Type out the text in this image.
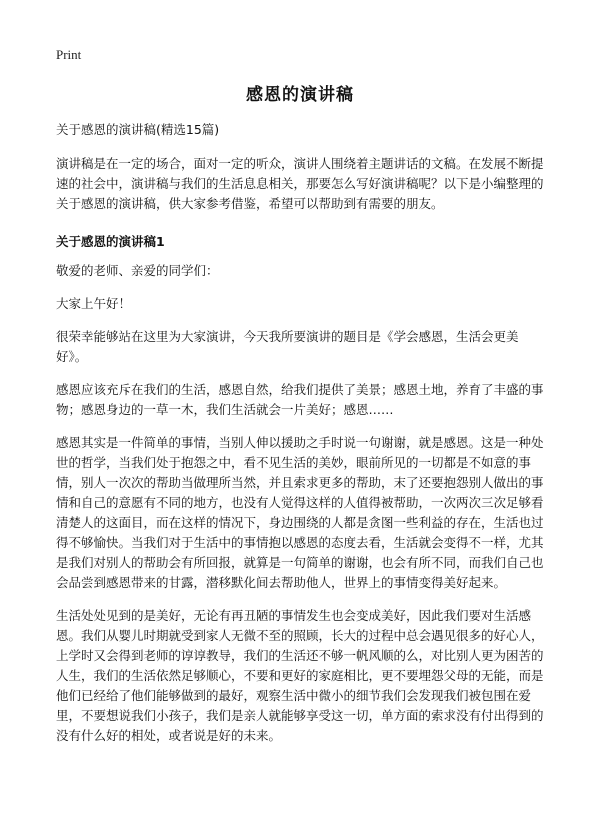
Print
感恩的演讲稿

关于感恩的演讲稿(精选15篇)

演讲稿是在一定的场合，面对一定的听众，演讲人围绕着主题讲话的文稿。在发展不断提速的社会中，演讲稿与我们的生活息息相关，那要怎么写好演讲稿呢？以下是小编整理的关于感恩的演讲稿，供大家参考借鉴，希望可以帮助到有需要的朋友。

关于感恩的演讲稿1

敬爱的老师、亲爱的同学们：

大家上午好！

很荣幸能够站在这里为大家演讲，今天我所要演讲的题目是《学会感恩，生活会更美好》。

感恩应该充斥在我们的生活，感恩自然，给我们提供了美景；感恩土地，养育了丰盛的事物；感恩身边的一草一木，我们生活就会一片美好；感恩……

感恩其实是一件简单的事情，当别人伸以援助之手时说一句谢谢，就是感恩。这是一种处世的哲学，当我们处于抱怨之中，看不见生活的美妙，眼前所见的一切都是不如意的事情，别人一次次的帮助当做理所当然，并且索求更多的帮助，末了还要抱怨别人做出的事情和自己的意愿有不同的地方，也没有人觉得这样的人值得被帮助，一次两次三次足够看清楚人的这面目，而在这样的情况下，身边围绕的人都是贪图一些利益的存在，生活也过得不够愉快。当我们对于生活中的事情抱以感恩的态度去看，生活就会变得不一样，尤其是我们对别人的帮助会有所回报，就算是一句简单的谢谢，也会有所不同，而我们自己也会品尝到感恩带来的甘露，潜移默化间去帮助他人，世界上的事情变得美好起来。

生活处处见到的是美好，无论有再丑陋的事情发生也会变成美好，因此我们要对生活感恩。我们从婴儿时期就受到家人无微不至的照顾，长大的过程中总会遇见很多的好心人，上学时又会得到老师的谆谆教导，我们的生活还不够一帆风顺的么，对比别人更为困苦的人生，我们的生活依然足够顺心，不要和更好的家庭相比，更不要埋怨父母的无能，而是他们已经给了他们能够做到的最好，观察生活中微小的细节我们会发现我们被包围在爱里，不要想说我们小孩子，我们是亲人就能够享受这一切，单方面的索求没有付出得到的没有什么好的相处，或者说是好的未来。
